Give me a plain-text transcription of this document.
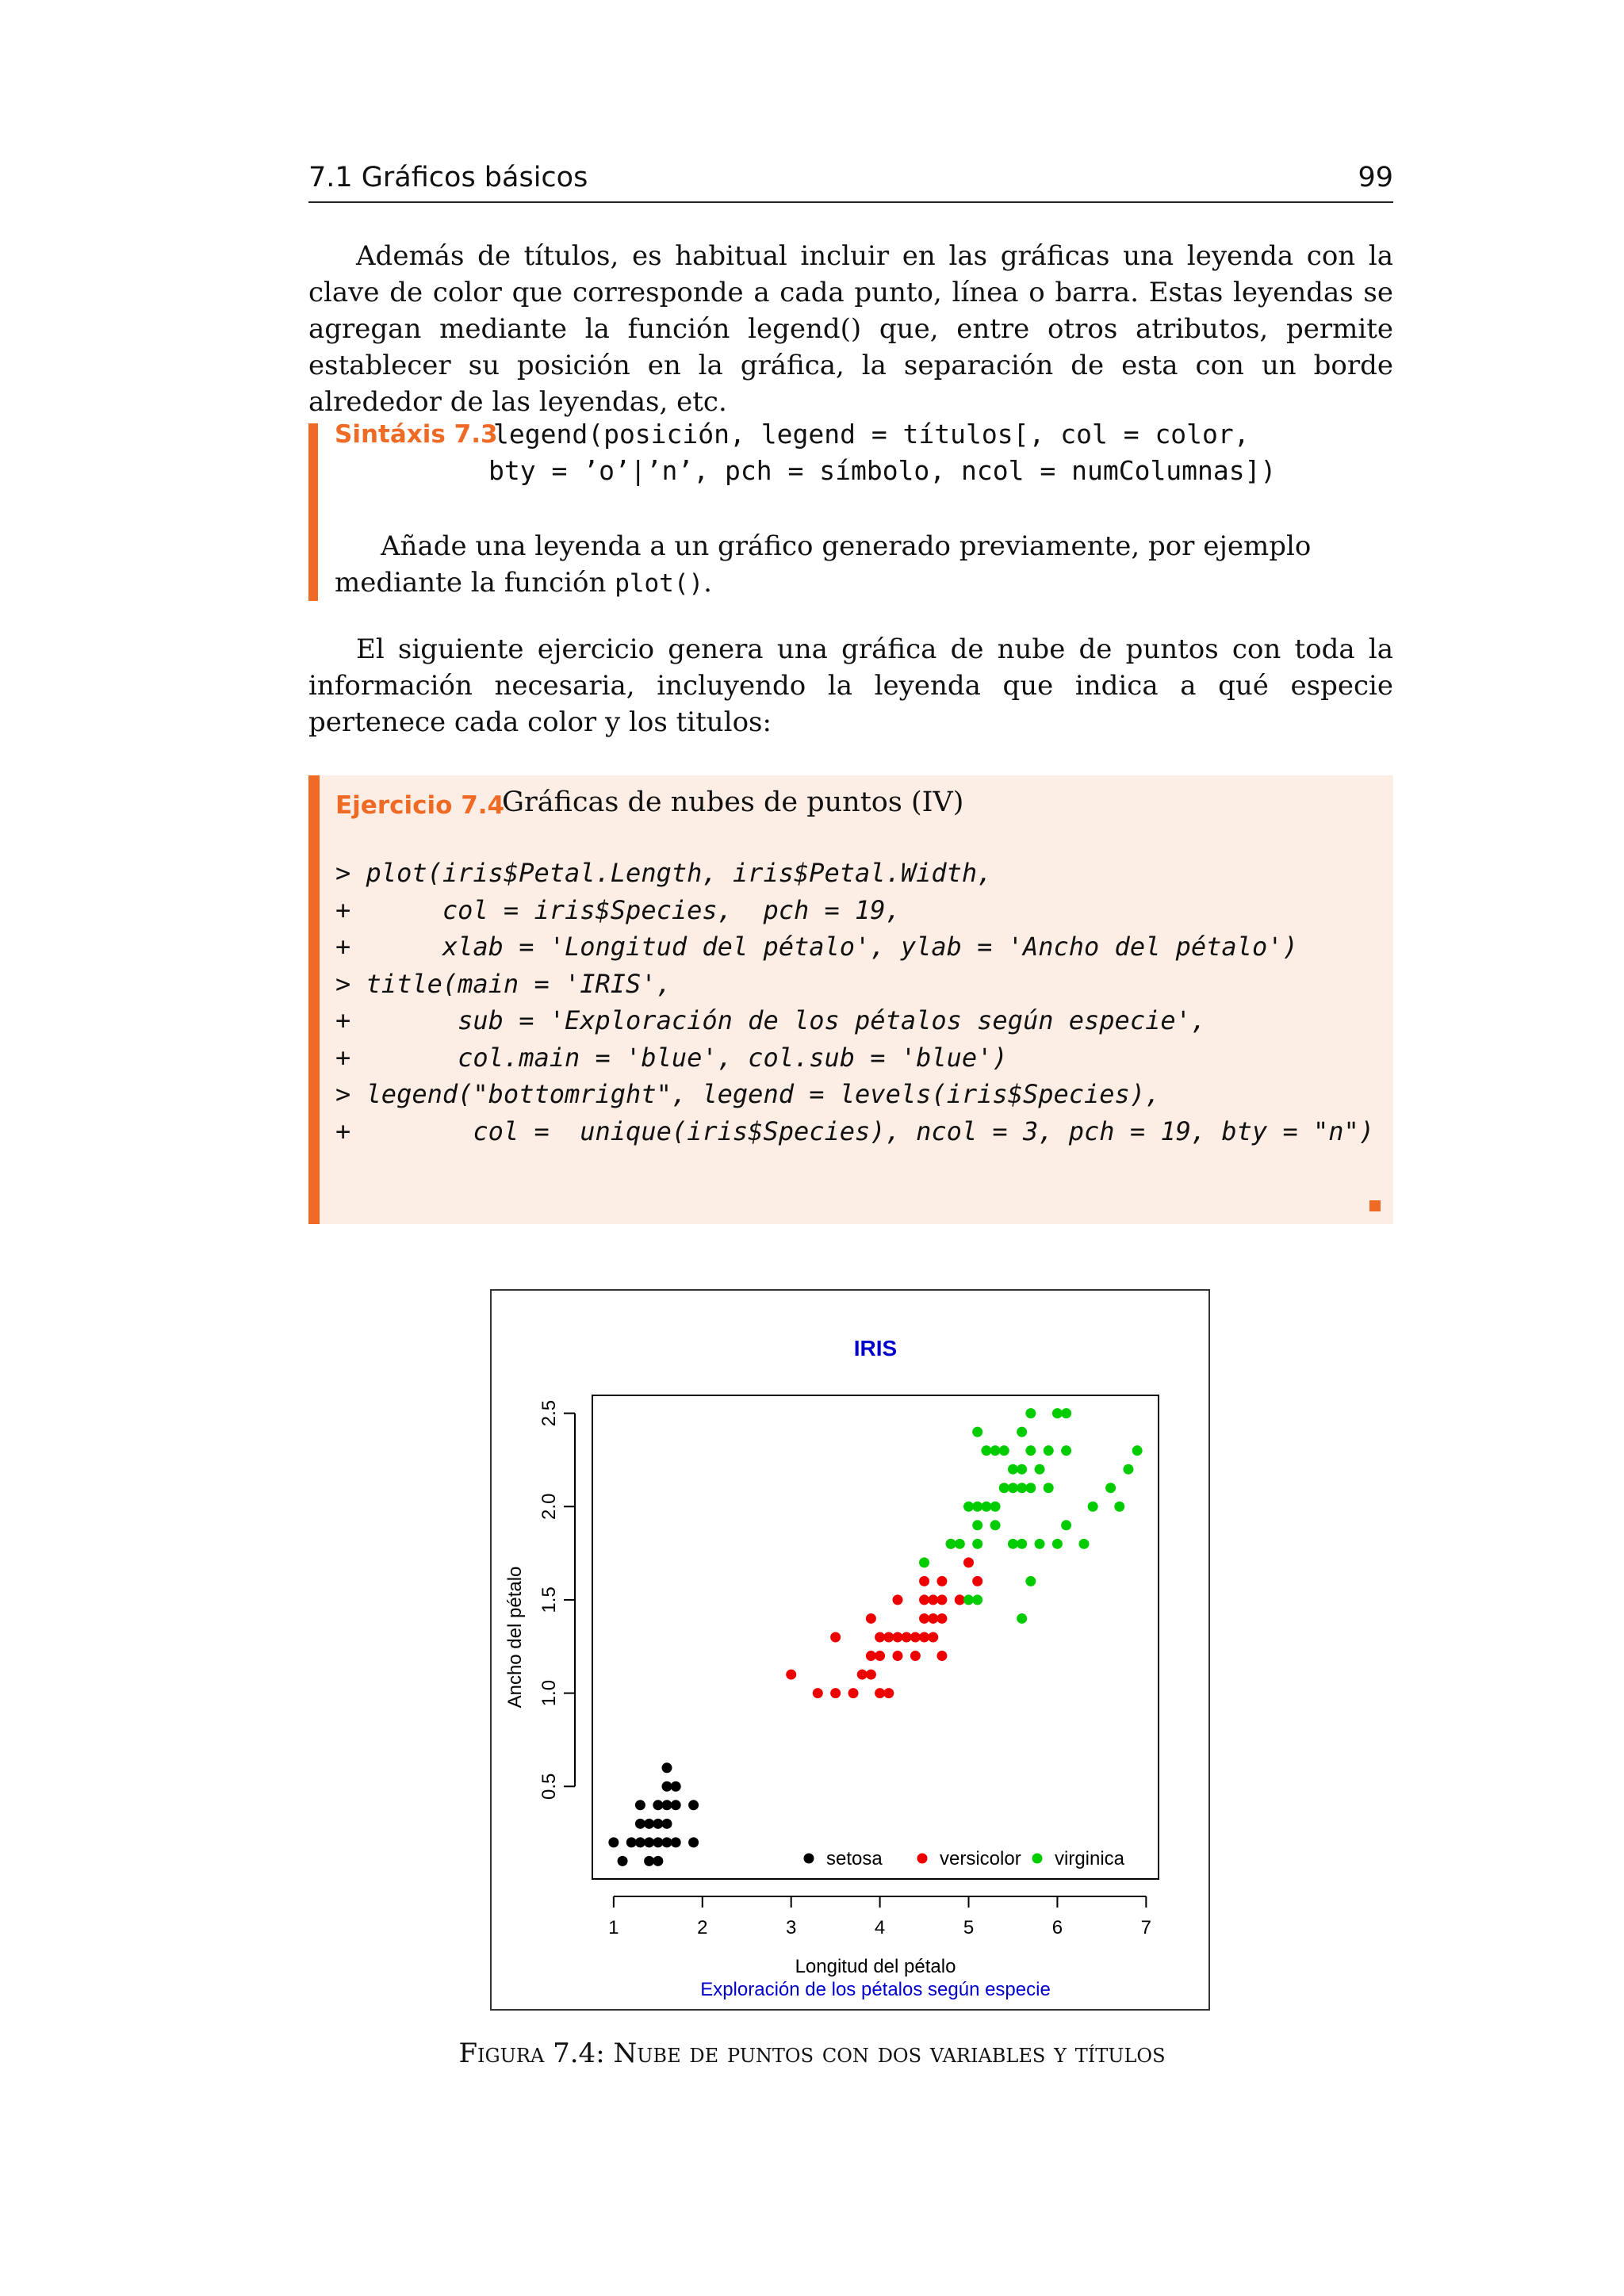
7.1 Gráficos básicos	99

Además de títulos, es habitual incluir en las gráficas una leyenda con la clave de color que corresponde a cada punto, línea o barra. Estas leyendas se agregan mediante la función legend() que, entre otros atributos, permite establecer su posición en la gráfica, la separación de esta con un borde alrededor de las leyendas, etc.

Sintáxis 7.3
legend(posición, legend = títulos[, col = color,
bty = ’o’|’n’, pch = símbolo, ncol = numColumnas])

Añade una leyenda a un gráfico generado previamente, por ejemplo mediante la función plot().

El siguiente ejercicio genera una gráfica de nube de puntos con toda la información necesaria, incluyendo la leyenda que indica a qué especie pertenece cada color y los titulos:

Ejercicio 7.4
Gráficas de nubes de puntos (IV)
> plot(iris$Petal.Length, iris$Petal.Width,
+      col = iris$Species,  pch = 19,
+      xlab = 'Longitud del pétalo', ylab = 'Ancho del pétalo')
> title(main = 'IRIS',
+       sub = 'Exploración de los pétalos según especie',
+       col.main = 'blue', col.sub = 'blue')
> legend("bottomright", legend = levels(iris$Species),
+        col =  unique(iris$Species), ncol = 3, pch = 19, bty = "n")
IRIS
Longitud del pétalo
Exploración de los pétalos según especie
Ancho del pétalo
1	2	3	4	5	6	7
0.5
1.0
1.5
2.0
2.5
setosa	versicolor virginica
Figura 7.4: Nube de puntos con dos variables y títulos
